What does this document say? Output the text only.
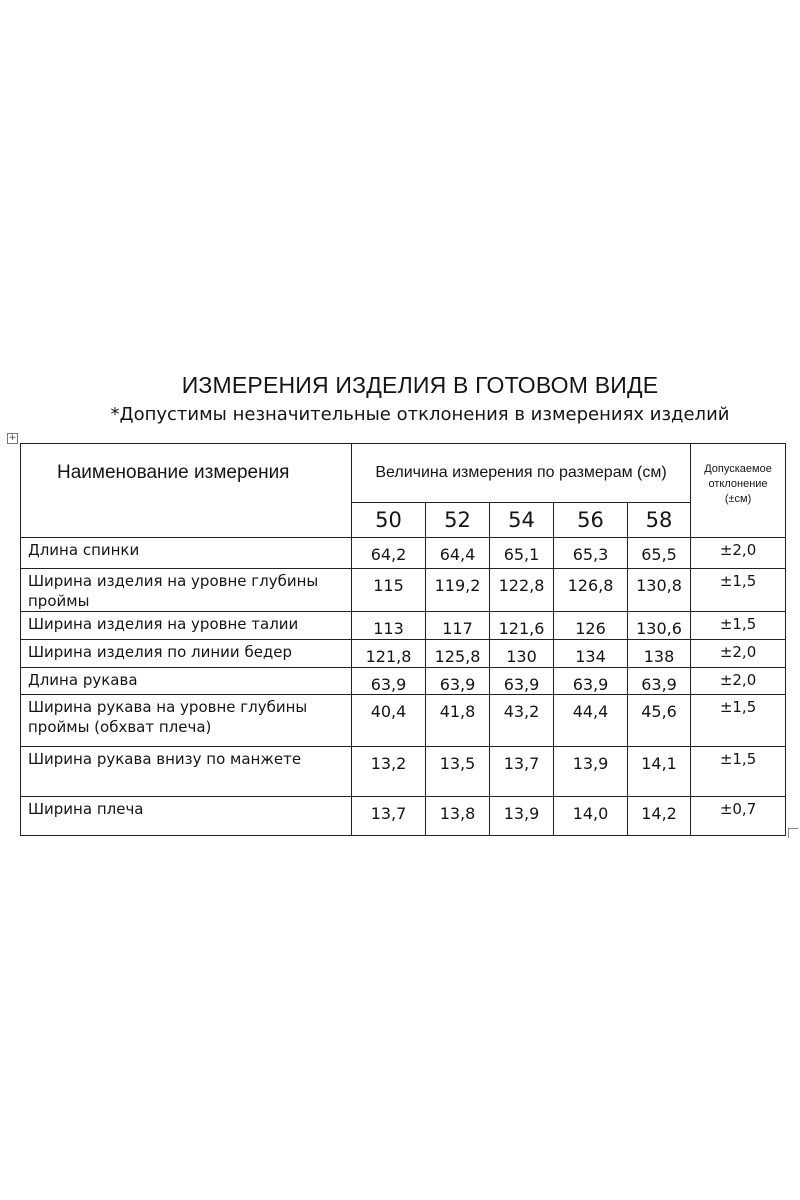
ИЗМЕРЕНИЯ ИЗДЕЛИЯ В ГОТОВОМ ВИДЕ
*Допустимы незначительные отклонения в измерениях изделий
+
Наименование измерения	Величина измерения по размерам (см)					Допускаемое
отклонение
(±см)
	50	52	54	56	58	
Длина спинки	64,2	64,4	65,1	65,3	65,5	±2,0
Ширина изделия на уровне глубины проймы	115	119,2	122,8	126,8	130,8	±1,5
Ширина изделия на уровне талии	113	117	121,6	126	130,6	±1,5
Ширина изделия по линии бедер	121,8	125,8	130	134	138	±2,0
Длина рукава	63,9	63,9	63,9	63,9	63,9	±2,0
Ширина рукава на уровне глубины проймы (обхват плеча)	40,4	41,8	43,2	44,4	45,6	±1,5
Ширина рукава внизу по манжете	13,2	13,5	13,7	13,9	14,1	±1,5
Ширина плеча	13,7	13,8	13,9	14,0	14,2	±0,7
